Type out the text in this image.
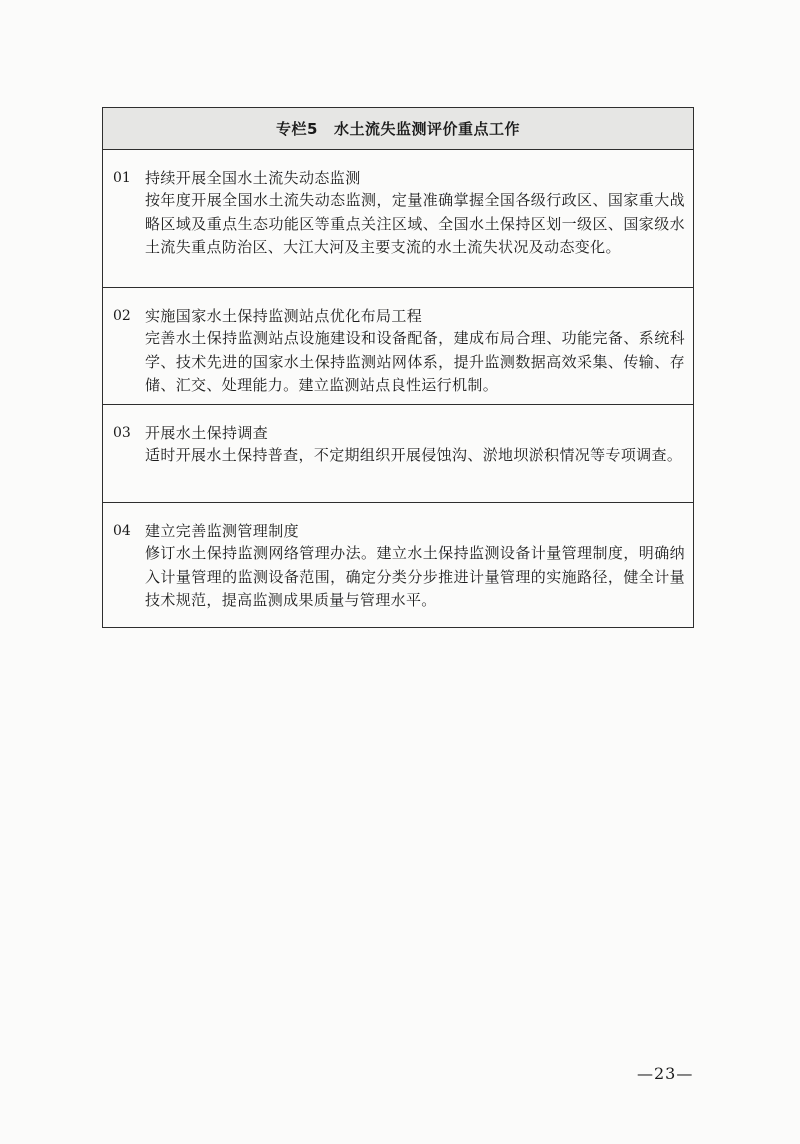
专栏5 水土流失监测评价重点工作
01 持续开展全国水土流失动态监测
按年度开展全国水土流失动态监测，定量准确掌握全国各级行政区、国家重大战略区域及重点生态功能区等重点关注区域、全国水土保持区划一级区、国家级水土流失重点防治区、大江大河及主要支流的水土流失状况及动态变化。
02 实施国家水土保持监测站点优化布局工程
完善水土保持监测站点设施建设和设备配备，建成布局合理、功能完备、系统科学、技术先进的国家水土保持监测站网体系，提升监测数据高效采集、传输、存储、汇交、处理能力。建立监测站点良性运行机制。
03 开展水土保持调查
适时开展水土保持普查，不定期组织开展侵蚀沟、淤地坝淤积情况等专项调查。
04 建立完善监测管理制度
修订水土保持监测网络管理办法。建立水土保持监测设备计量管理制度，明确纳入计量管理的监测设备范围，确定分类分步推进计量管理的实施路径，健全计量技术规范，提高监测成果质量与管理水平。
—23—
